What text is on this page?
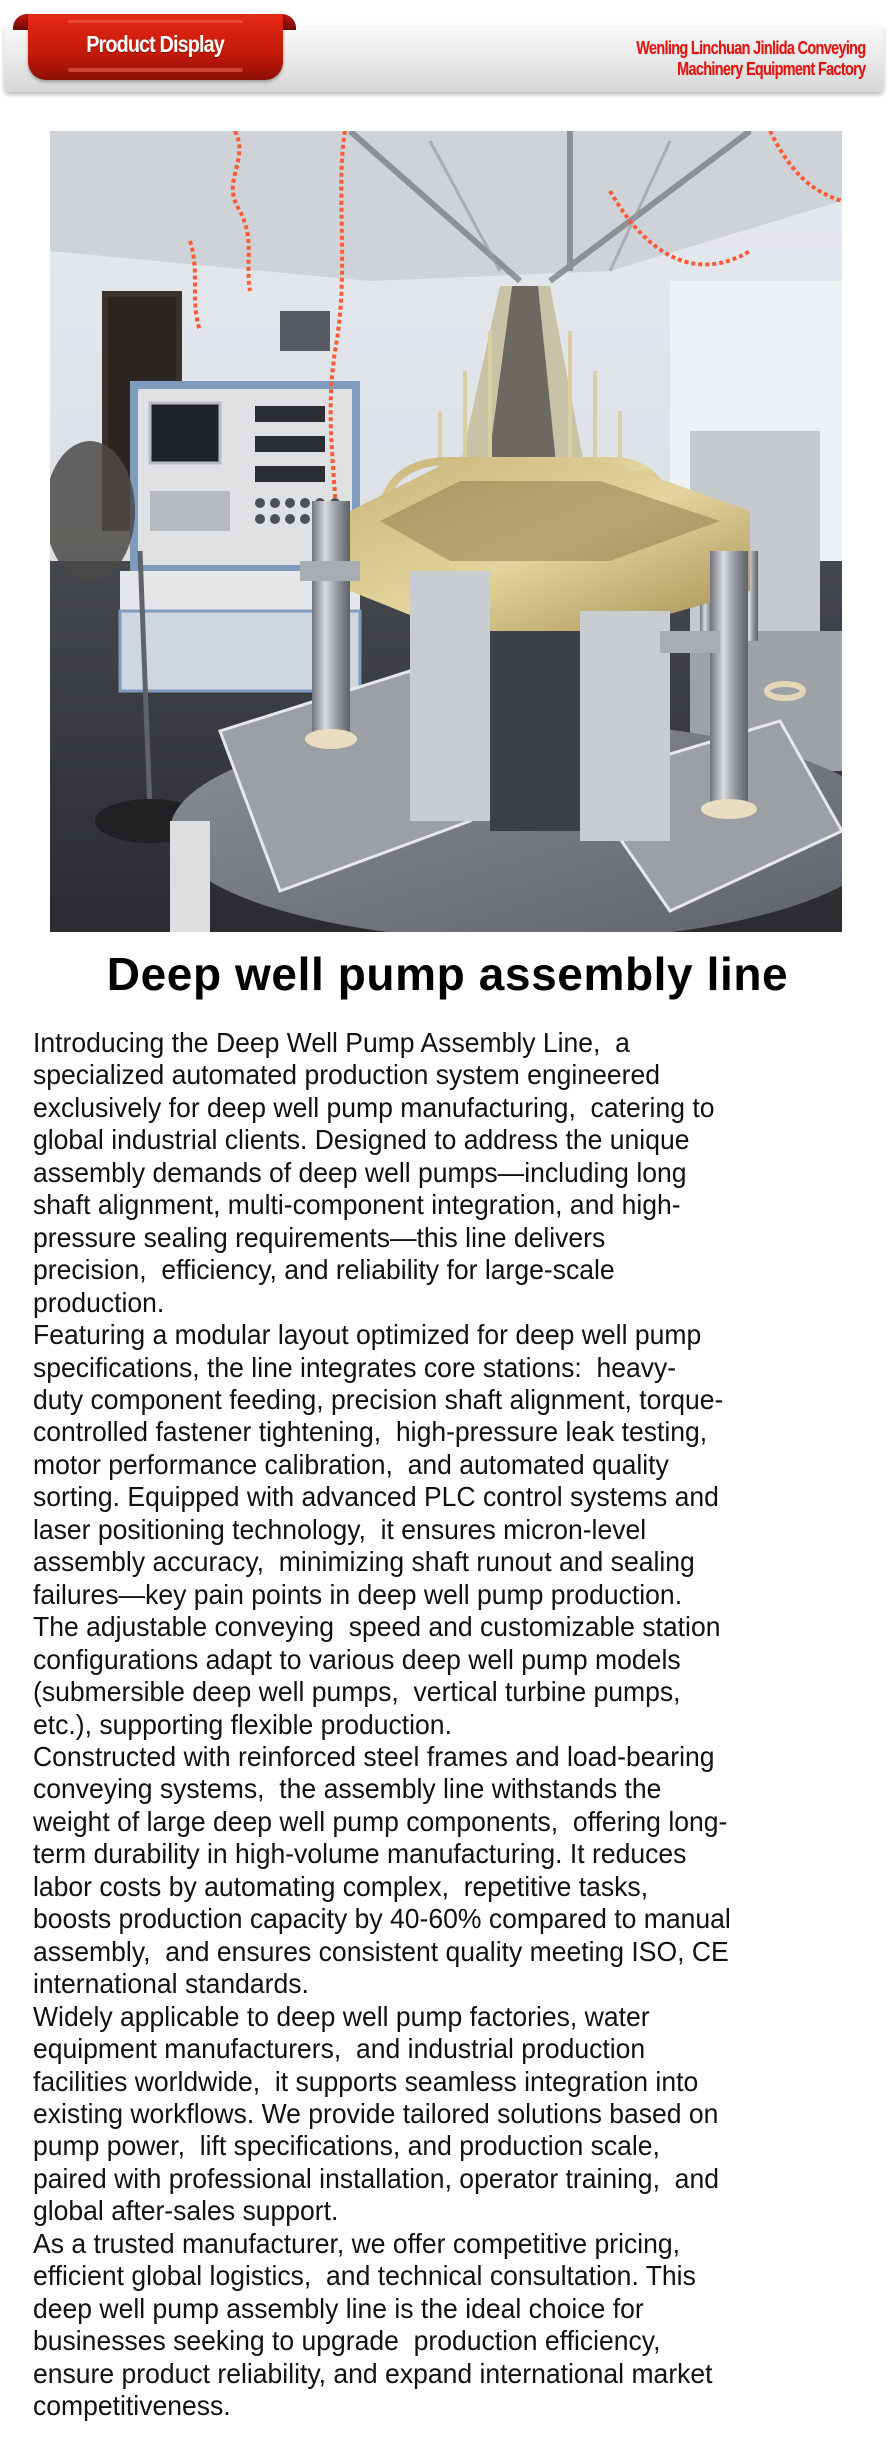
Product Display	Wenling Linchuan Jinlida Conveying
Machinery Equipment Factory
Deep well pump assembly line
Introducing the Deep Well Pump Assembly Line,  a
specialized automated production system engineered
exclusively for deep well pump manufacturing,  catering to
global industrial clients. Designed to address the unique
assembly demands of deep well pumps—including long
shaft alignment, multi-component integration, and high-
pressure sealing requirements—this line delivers
precision,  efficiency, and reliability for large-scale
production.
Featuring a modular layout optimized for deep well pump
specifications, the line integrates core stations:  heavy-
duty component feeding, precision shaft alignment, torque-
controlled fastener tightening,  high-pressure leak testing,
motor performance calibration,  and automated quality
sorting. Equipped with advanced PLC control systems and
laser positioning technology,  it ensures micron-level
assembly accuracy,  minimizing shaft runout and sealing
failures—key pain points in deep well pump production.
The adjustable conveying  speed and customizable station
configurations adapt to various deep well pump models
(submersible deep well pumps,  vertical turbine pumps,
etc.), supporting flexible production.
Constructed with reinforced steel frames and load-bearing
conveying systems,  the assembly line withstands the
weight of large deep well pump components,  offering long-
term durability in high-volume manufacturing. It reduces
labor costs by automating complex,  repetitive tasks,
boosts production capacity by 40-60% compared to manual
assembly,  and ensures consistent quality meeting ISO, CE
international standards.
Widely applicable to deep well pump factories, water
equipment manufacturers,  and industrial production
facilities worldwide,  it supports seamless integration into
existing workflows. We provide tailored solutions based on
pump power,  lift specifications, and production scale,
paired with professional installation, operator training,  and
global after-sales support.
As a trusted manufacturer, we offer competitive pricing,
efficient global logistics,  and technical consultation. This
deep well pump assembly line is the ideal choice for
businesses seeking to upgrade  production efficiency,
ensure product reliability, and expand international market
competitiveness.
